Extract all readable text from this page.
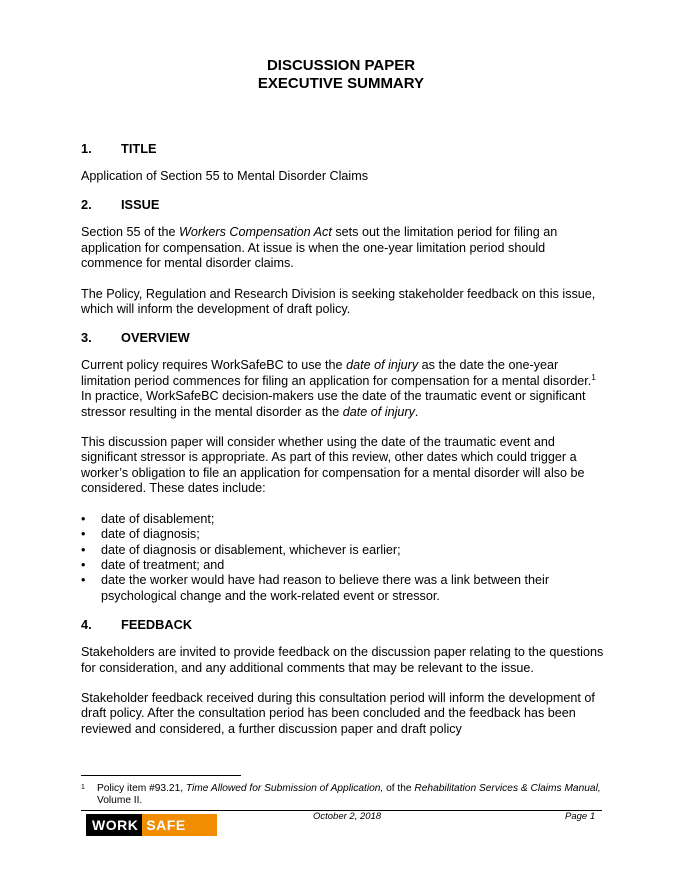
DISCUSSION PAPER
EXECUTIVE SUMMARY
1.	TITLE

Application of Section 55 to Mental Disorder Claims

2.	ISSUE

Section 55 of the Workers Compensation Act sets out the limitation period for filing an application for compensation. At issue is when the one-year limitation period should commence for mental disorder claims.

The Policy, Regulation and Research Division is seeking stakeholder feedback on this issue, which will inform the development of draft policy.

3.	OVERVIEW

Current policy requires WorkSafeBC to use the date of injury as the date the one-year limitation period commences for filing an application for compensation for a mental disorder.$^1$ In practice, WorkSafeBC decision-makers use the date of the traumatic event or significant stressor resulting in the mental disorder as the date of injury.

This discussion paper will consider whether using the date of the traumatic event and significant stressor is appropriate. As part of this review, other dates which could trigger a worker’s obligation to file an application for compensation for a mental disorder will also be considered. These dates include:

•	date of disablement;
•	date of diagnosis;
•	date of diagnosis or disablement, whichever is earlier;
•	date of treatment; and
•	date the worker would have had reason to believe there was a link between their psychological change and the work-related event or stressor.
4.	FEEDBACK

Stakeholders are invited to provide feedback on the discussion paper relating to the questions for consideration, and any additional comments that may be relevant to the issue.

Stakeholder feedback received during this consultation period will inform the development of draft policy. After the consultation period has been concluded and the feedback has been reviewed and considered, a further discussion paper and draft policy

1	Policy item #93.21, Time Allowed for Submission of Application, of the Rehabilitation Services & Claims Manual, Volume II.
WORK SAFE BC
October 2, 2018	Page 1
